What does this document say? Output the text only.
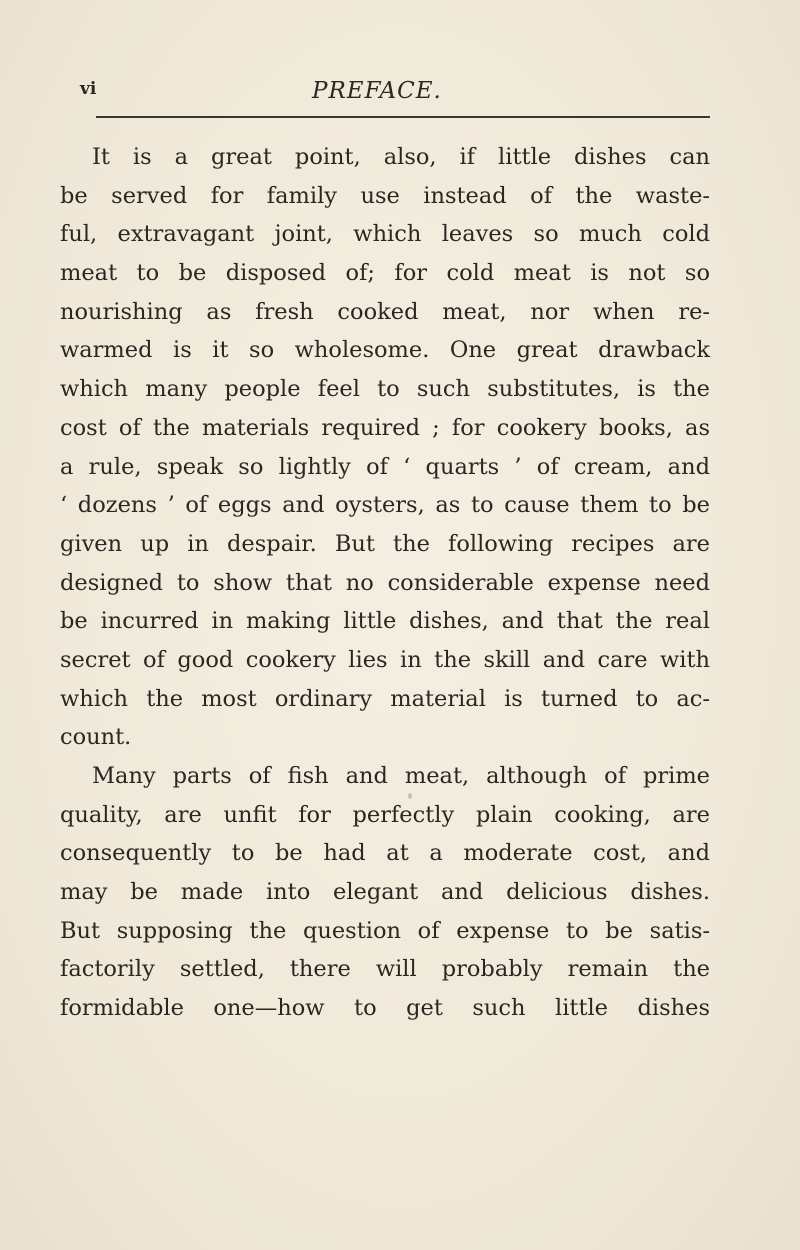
vi	PREFACE.
It is a great point, also, if little dishes can
be served for family use instead of the waste-
ful, extravagant joint, which leaves so much cold
meat to be disposed of; for cold meat is not so
nourishing as fresh cooked meat, nor when re-
warmed is it so wholesome. One great drawback
which many people feel to such substitutes, is the
cost of the materials required ; for cookery books, as
a rule, speak so lightly of ‘ quarts ’ of cream, and
‘ dozens ’ of eggs and oysters, as to cause them to be
given up in despair. But the following recipes are
designed to show that no considerable expense need
be incurred in making little dishes, and that the real
secret of good cookery lies in the skill and care with
which the most ordinary material is turned to ac-
count.
Many parts of fish and meat, although of prime
quality, are unfit for perfectly plain cooking, are
consequently to be had at a moderate cost, and
may be made into elegant and delicious dishes.
But supposing the question of expense to be satis-
factorily settled, there will probably remain the
formidable one—how to get such little dishes
